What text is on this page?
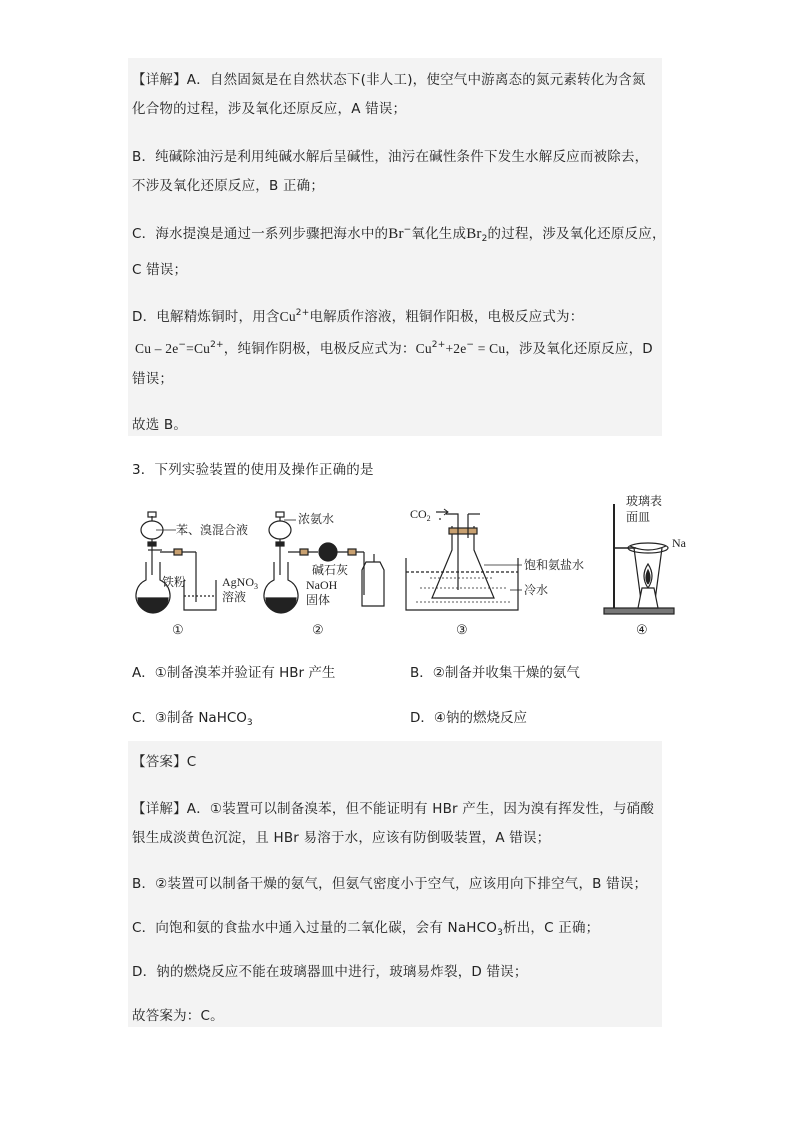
【详解】A．自然固氮是在自然状态下(非人工)，使空气中游离态的氮元素转化为含氮
化合物的过程，涉及氧化还原反应，A 错误；
B．纯碱除油污是利用纯碱水解后呈碱性，油污在碱性条件下发生水解反应而被除去，
不涉及氧化还原反应，B 正确；
C．海水提溴是通过一系列步骤把海水中的Br−氧化生成$Br_2$的过程，涉及氧化还原反应，
C 错误；
D．电解精炼铜时，用含$Cu^{2+}$电解质作溶液，粗铜作阳极，电极反应式为：
$Cu - 2e^-=Cu^{2+}$，纯铜作阴极，电极反应式为：$Cu^{2+}+2e^- = Cu$，涉及氧化还原反应，D
错误；
故选 B。
3．下列实验装置的使用及操作正确的是
苯、溴混合液
铁粉	AgNO$_3$
溶液
①
浓氨水
碱石灰
NaOH
固体
②
$CO_2$
饱和氨盐水
冷水
③
玻璃表
面皿
Na
④
A．①制备溴苯并验证有 HBr 产生	B．②制备并收集干燥的氨气
C．③制备 NaHCO$_3$	D．④钠的燃烧反应
【答案】C
【详解】A．①装置可以制备溴苯，但不能证明有 HBr 产生，因为溴有挥发性，与硝酸
银生成淡黄色沉淀，且 HBr 易溶于水，应该有防倒吸装置，A 错误；
B．②装置可以制备干燥的氨气，但氨气密度小于空气，应该用向下排空气，B 错误；
C．向饱和氨的食盐水中通入过量的二氧化碳，会有 NaHCO$_3$析出，C 正确；
D．钠的燃烧反应不能在玻璃器皿中进行，玻璃易炸裂，D 错误；
故答案为：C。
